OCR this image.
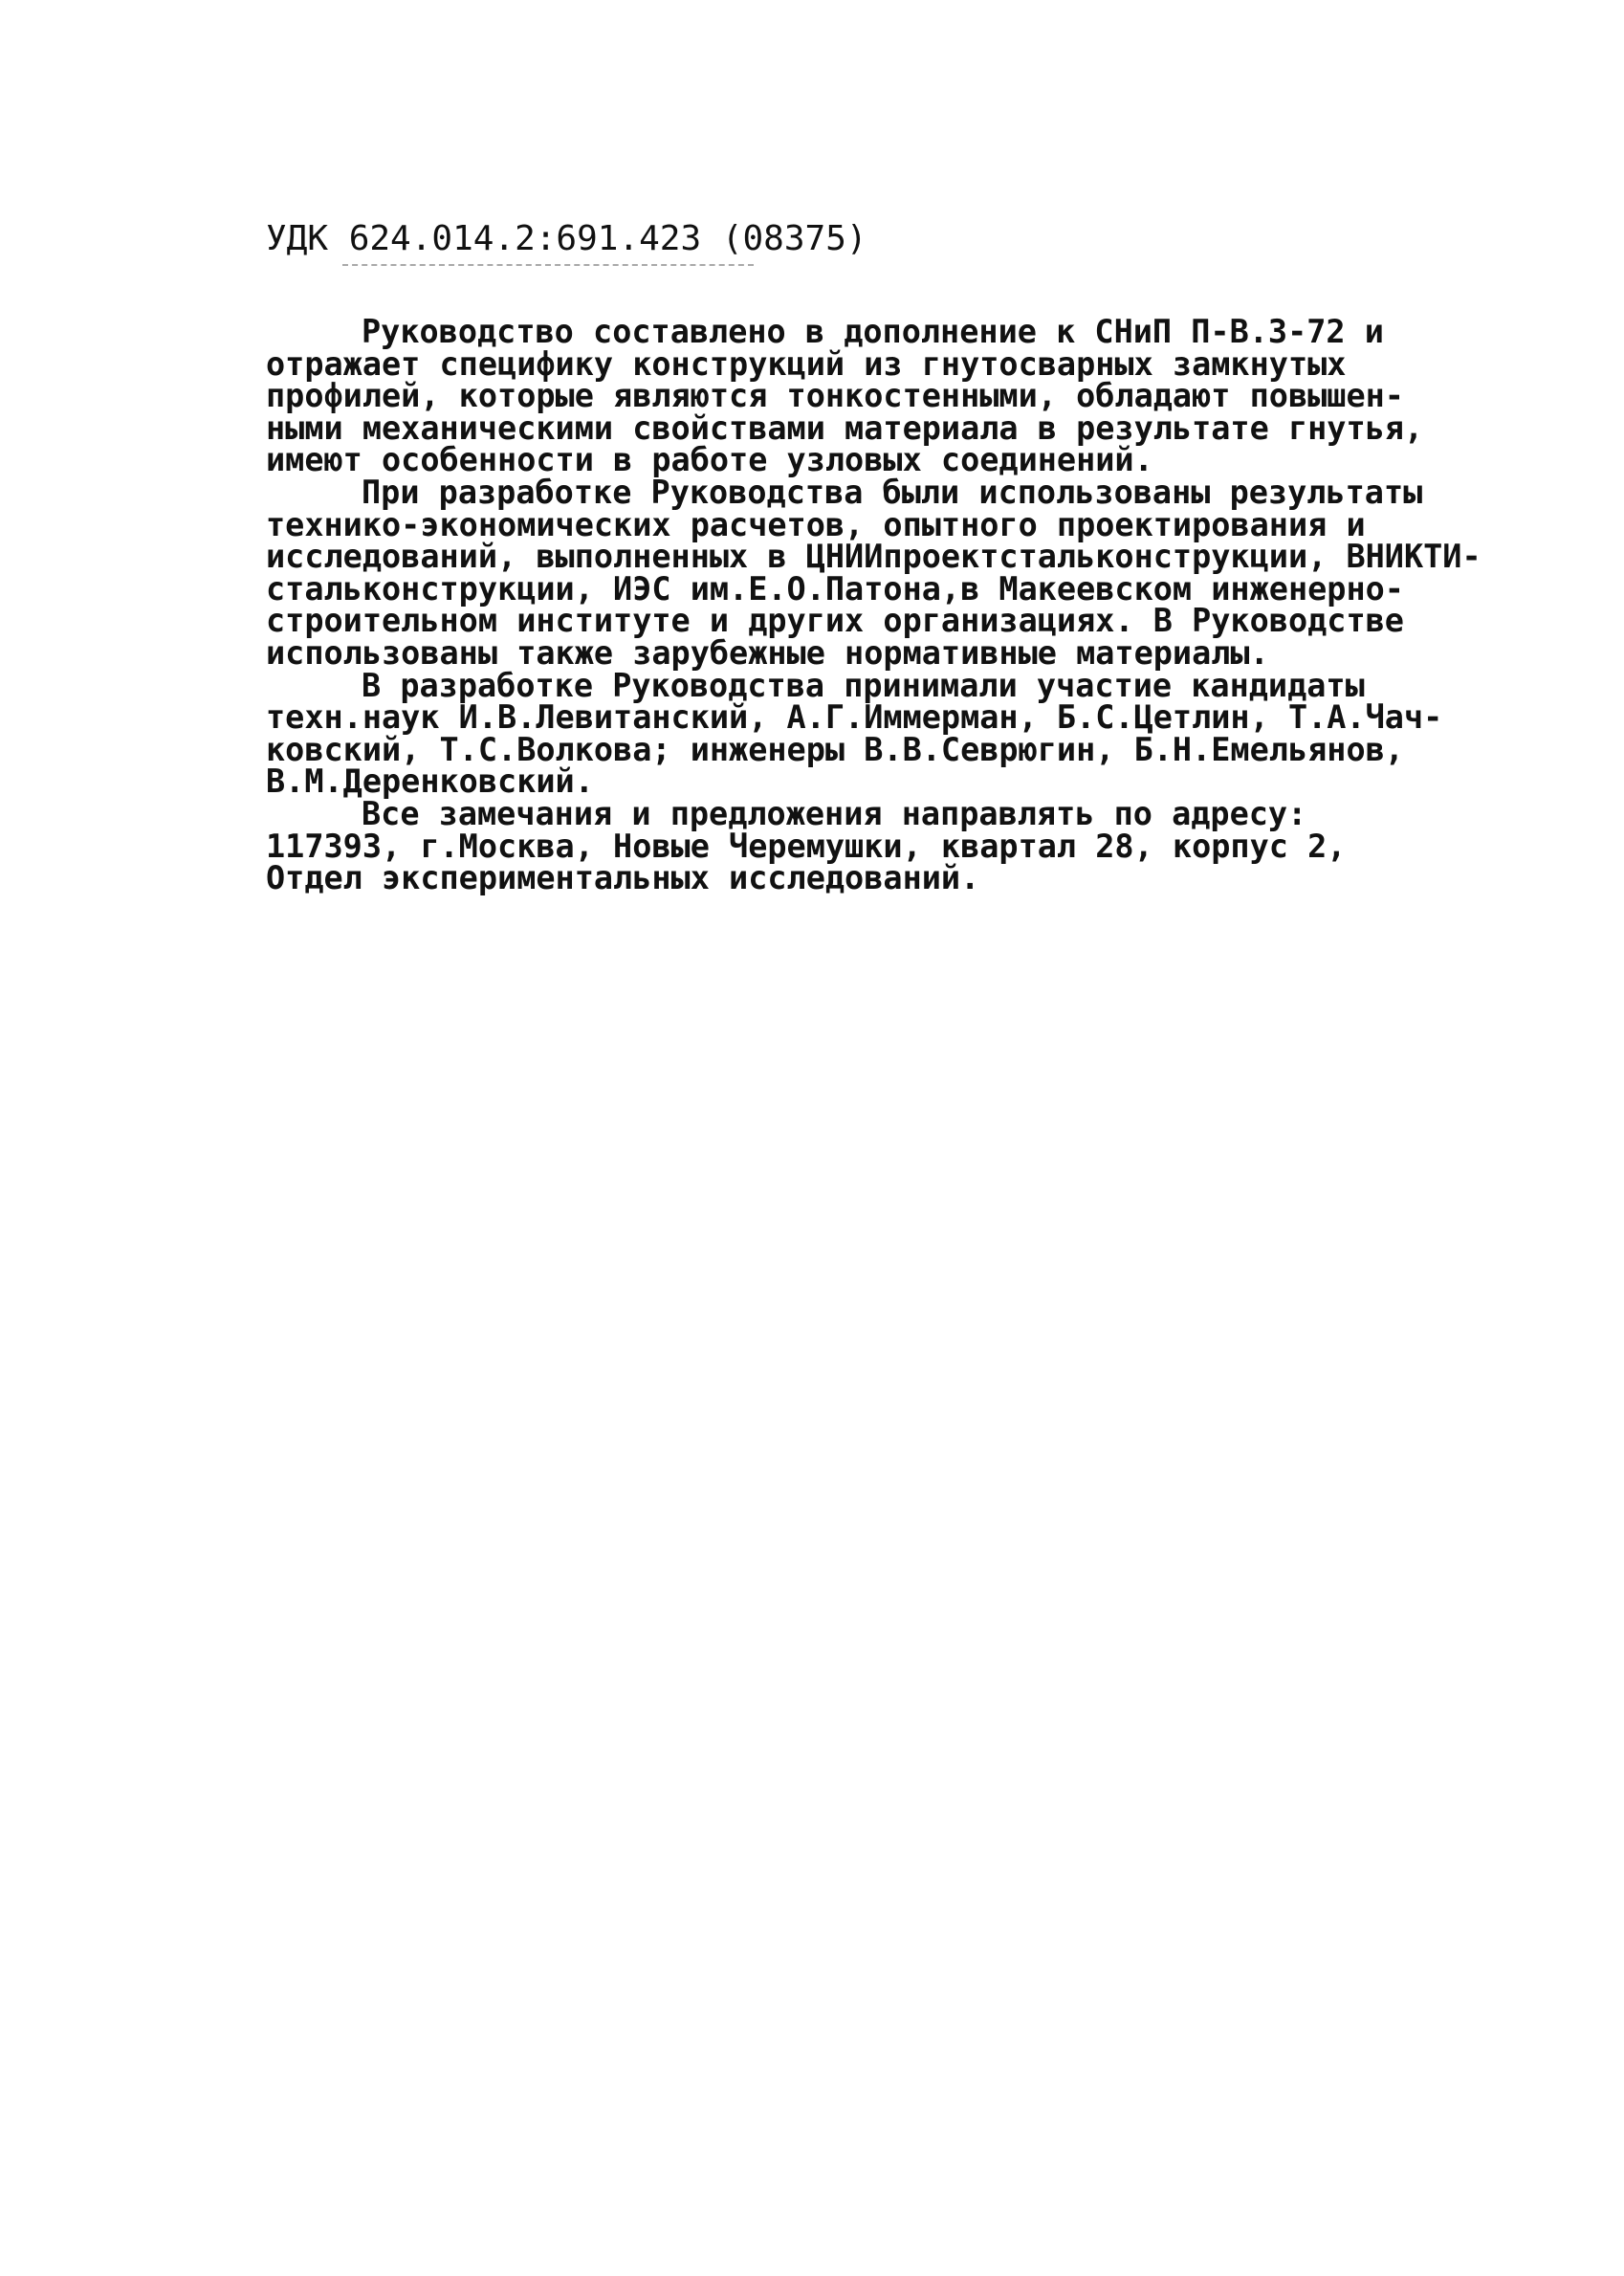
УДК 624.014.2:691.423 (08375)
Руководство составлено в дополнение к СНиП П-В.3-72 и
отражает специфику конструкций из гнутосварных замкнутых
профилей, которые являются тонкостенными, обладают повышен-
ными механическими свойствами материала в результате гнутья,
имеют особенности в работе узловых соединений.
При разработке Руководства были использованы результаты
технико-экономических расчетов, опытного проектирования и
исследований, выполненных в ЦНИИпроектстальконструкции, ВНИКТИ-
стальконструкции, ИЭС им.Е.О.Патона,в Макеевском инженерно-
строительном институте и других организациях. В Руководстве
использованы также зарубежные нормативные материалы.
В разработке Руководства принимали участие кандидаты
техн.наук И.В.Левитанский, А.Г.Иммерман, Б.С.Цетлин, Т.А.Чач-
ковский, Т.С.Волкова; инженеры В.В.Севрюгин, Б.Н.Емельянов,
В.М.Деренковский.
Все замечания и предложения направлять по адресу:
117393, г.Москва, Новые Черемушки, квартал 28, корпус 2,
Отдел экспериментальных исследований.
